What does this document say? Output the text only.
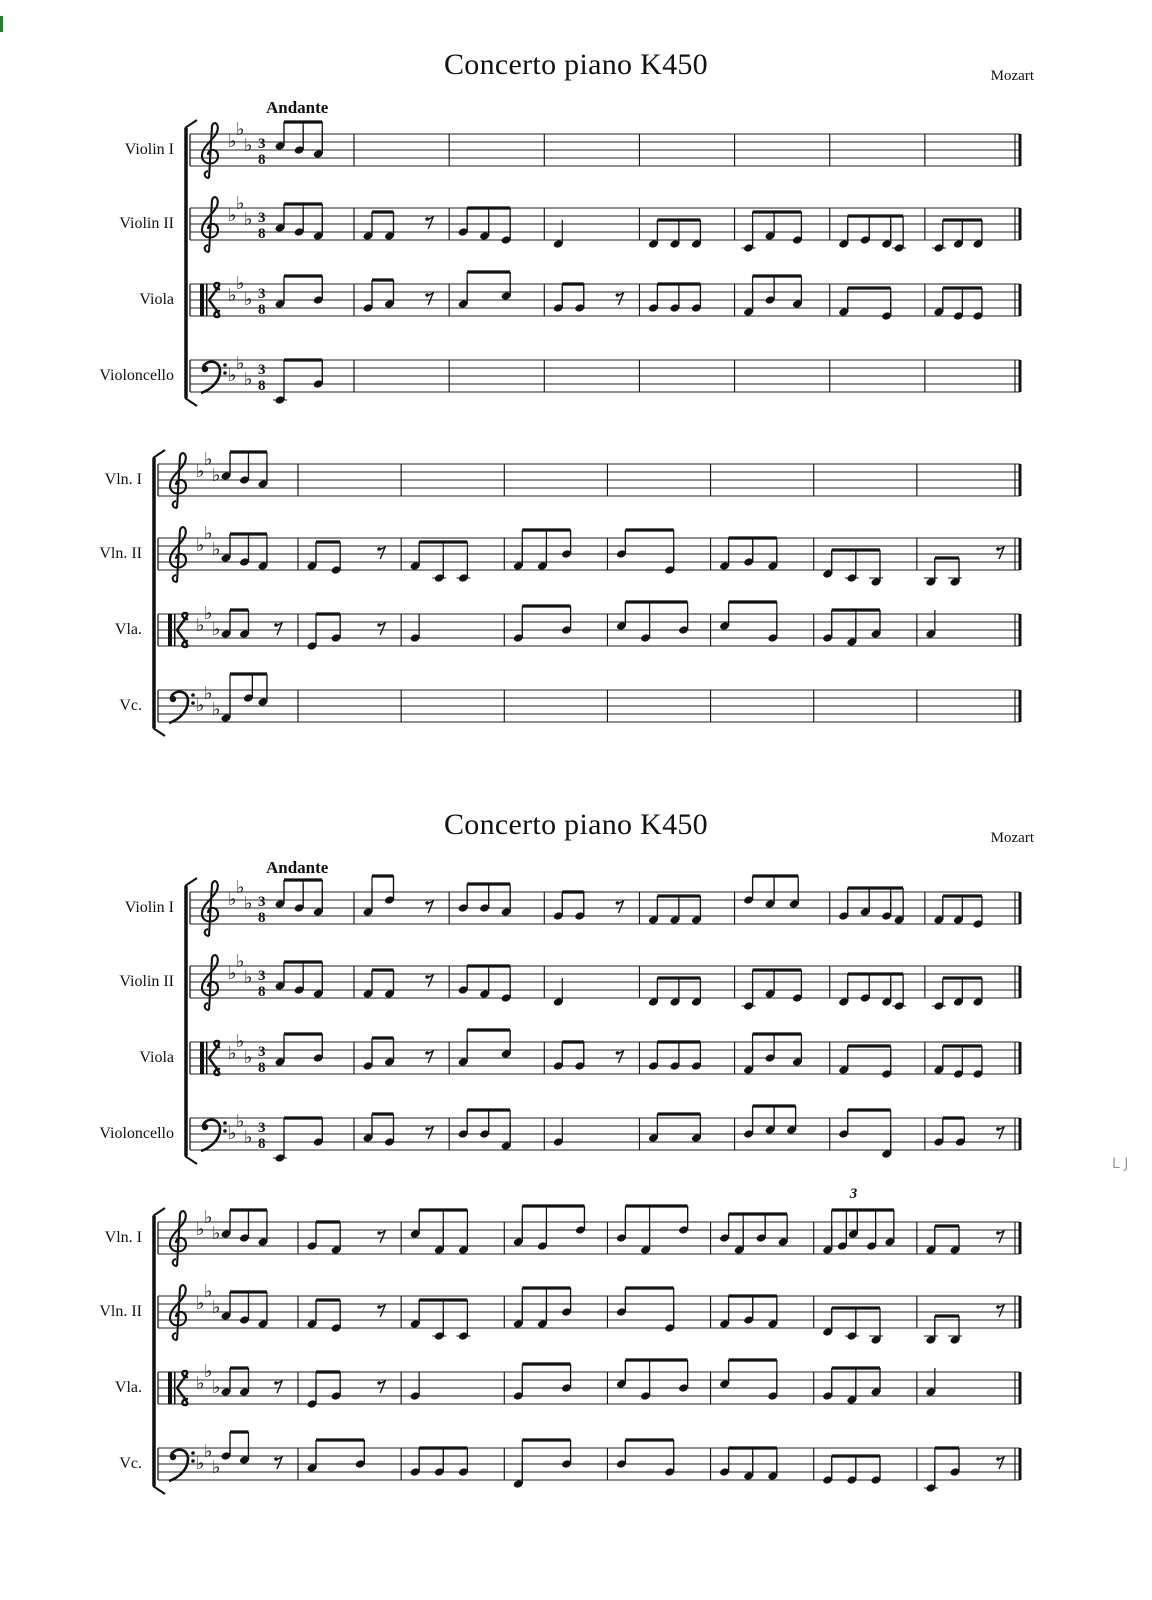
Concerto piano K450	Mozart
Andante
Violin I	♭
♭
♭ 3
8
Violin II	♭
♭
♭ 3
8
Viola	♭
♭
♭ 3
8
Violoncello	♭
♭
♭ 3
8
Vln. I	♭
♭
♭
Vln. II	♭
♭
♭
Vla.	♭
♭
♭
Vc.	♭
♭
♭
Concerto piano K450	Mozart
Andante
Violin I	♭
♭
♭ 3
8
Violin II	♭
♭
♭ 3
8
Viola	♭
♭
♭ 3
8
Violoncello	♭
♭
♭ 3
8
Vln. I	♭
♭
♭
Vln. II	♭
♭
♭
Vla.	♭
♭
♭
Vc.	♭
♭
♭
3
L J
